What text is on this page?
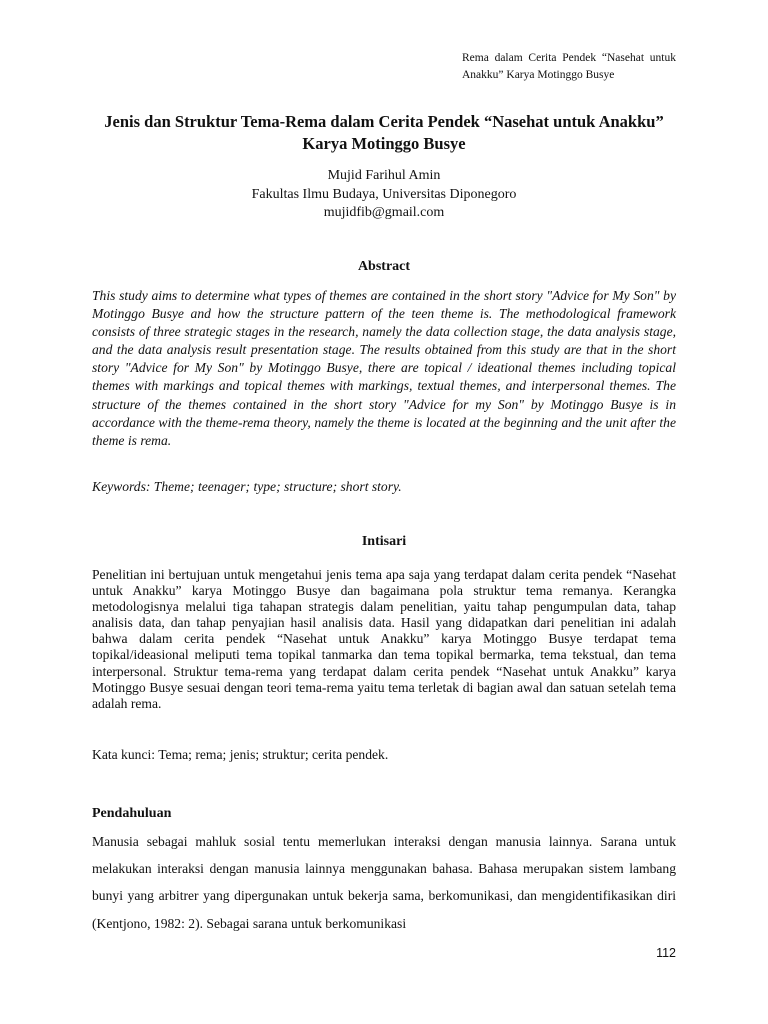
Rema dalam Cerita Pendek “Nasehat untuk Anakku” Karya Motinggo Busye
Jenis dan Struktur Tema-Rema dalam Cerita Pendek “Nasehat untuk Anakku” Karya Motinggo Busye
Mujid Farihul Amin
Fakultas Ilmu Budaya, Universitas Diponegoro
mujidfib@gmail.com
Abstract

This study aims to determine what types of themes are contained in the short story "Advice for My Son" by Motinggo Busye and how the structure pattern of the teen theme is. The methodological framework consists of three strategic stages in the research, namely the data collection stage, the data analysis stage, and the data analysis result presentation stage. The results obtained from this study are that in the short story "Advice for My Son" by Motinggo Busye, there are topical / ideational themes including topical themes with markings and topical themes with markings, textual themes, and interpersonal themes. The structure of the themes contained in the short story "Advice for my Son" by Motinggo Busye is in accordance with the theme-rema theory, namely the theme is located at the beginning and the unit after the theme is rema.

Keywords: Theme; teenager; type; structure; short story.

Intisari

Penelitian ini bertujuan untuk mengetahui jenis tema apa saja yang terdapat dalam cerita pendek “Nasehat untuk Anakku” karya Motinggo Busye dan bagaimana pola struktur tema remanya. Kerangka metodologisnya melalui tiga tahapan strategis dalam penelitian, yaitu tahap pengumpulan data, tahap analisis data, dan tahap penyajian hasil analisis data. Hasil yang didapatkan dari penelitian ini adalah bahwa dalam cerita pendek “Nasehat untuk Anakku” karya Motinggo Busye terdapat tema topikal/ideasional meliputi tema topikal tanmarka dan tema topikal bermarka, tema tekstual, dan tema interpersonal. Struktur tema-rema yang terdapat dalam cerita pendek “Nasehat untuk Anakku” karya Motinggo Busye sesuai dengan teori tema-rema yaitu tema terletak di bagian awal dan satuan setelah tema adalah rema.

Kata kunci: Tema; rema; jenis; struktur; cerita pendek.

Pendahuluan

Manusia sebagai mahluk sosial tentu memerlukan interaksi dengan manusia lainnya. Sarana untuk melakukan interaksi dengan manusia lainnya menggunakan bahasa. Bahasa merupakan sistem lambang bunyi yang arbitrer yang dipergunakan untuk bekerja sama, berkomunikasi, dan mengidentifikasikan diri (Kentjono, 1982: 2). Sebagai sarana untuk berkomunikasi

112
